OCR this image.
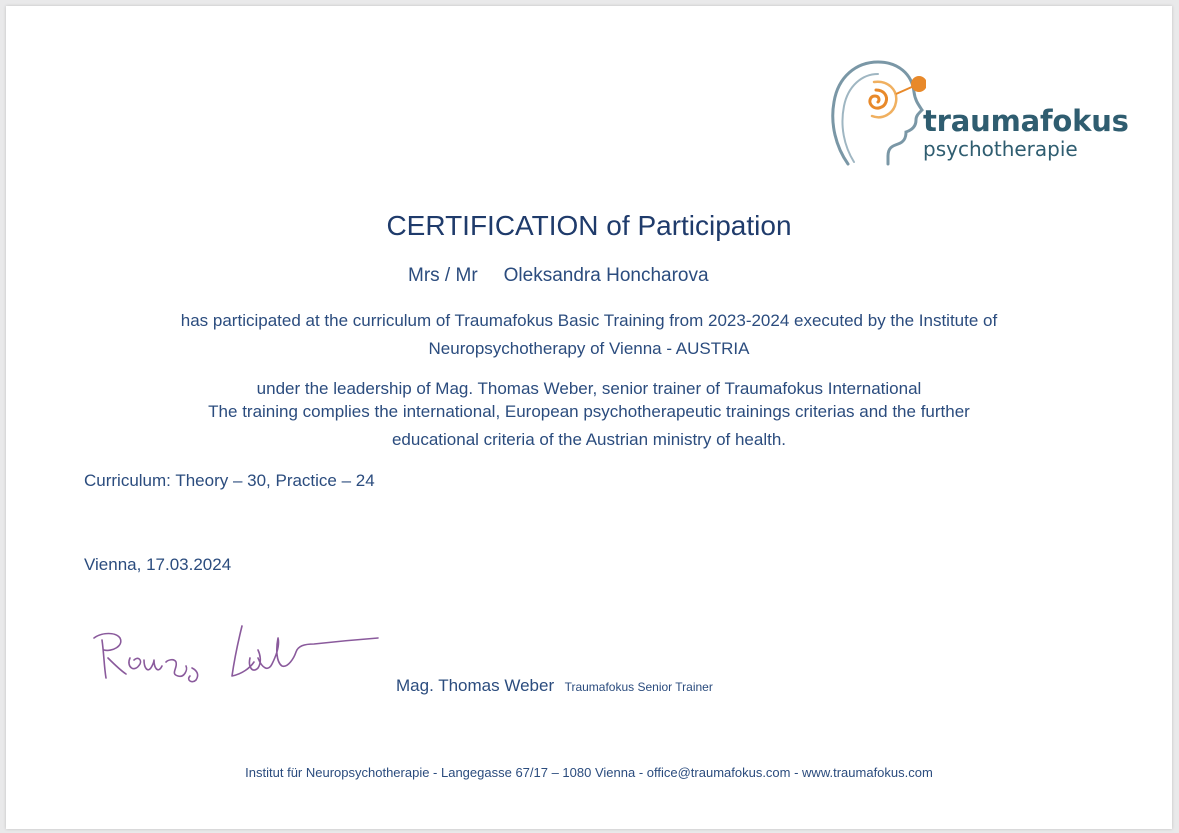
traumafokus
psychotherapie
CERTIFICATION of Participation
Mrs / Mr Oleksandra Honcharova
has participated at the curriculum of Traumafokus Basic Training from 2023-2024 executed by the Institute of
Neuropsychotherapy of Vienna - AUSTRIA
under the leadership of Mag. Thomas Weber, senior trainer of Traumafokus International
The training complies the international, European psychotherapeutic trainings criterias and the further
educational criteria of the Austrian ministry of health.
Curriculum: Theory – 30, Practice – 24
Vienna, 17.03.2024
Mag. Thomas Weber Traumafokus Senior Trainer
Institut für Neuropsychotherapie - Langegasse 67/17 – 1080 Vienna - office@traumafokus.com - www.traumafokus.com
